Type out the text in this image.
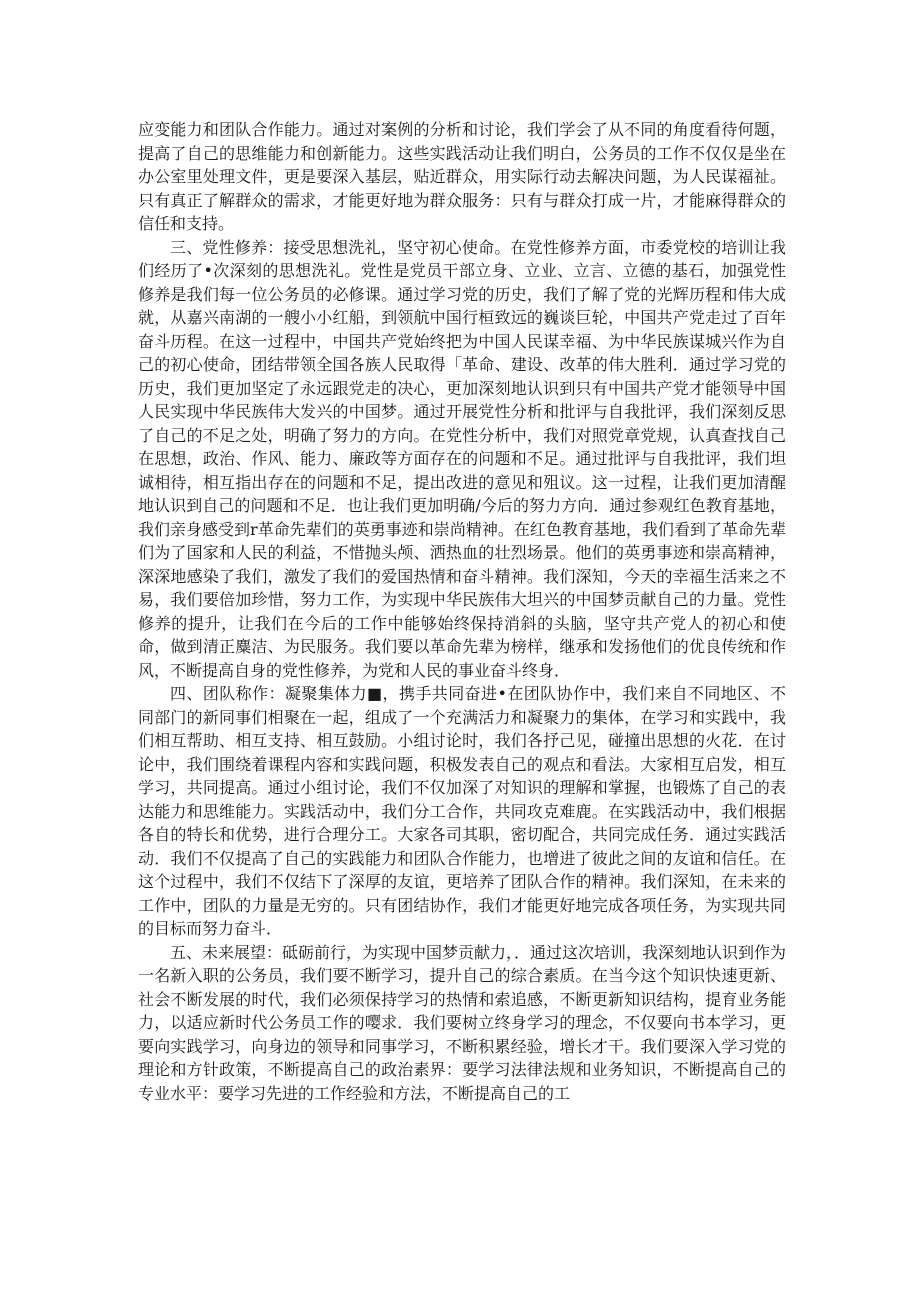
应变能力和团队合作能力。通过对案例的分析和讨论，我们学会了从不同的角度看待何题，提高了自己的思维能力和创新能力。这些实践活动让我们明白，公务员的工作不仅仅是坐在办公室里处理文件，更是要深入基层，贴近群众，用实际行动去解决问题，为人民谋福祉。只有真正了解群众的需求，才能更好地为群众服务：只有与群众打成一片，才能麻得群众的信任和支持。

三、党性修养：接受思想洗礼，坚守初心使命。在党性修养方面，市委党校的培训让我们经历了•次深刻的思想洗礼。党性是党员干部立身、立业、立言、立德的基石，加强党性修养是我们每一位公务员的必修课。通过学习党的历史，我们了解了党的光辉历程和伟大成就，从嘉兴南湖的一艘小小红船，到领航中国行桓致远的巍谈巨轮，中国共产党走过了百年奋斗历程。在这一过程中，中国共产党始终把为中国人民谋幸福、为中华民族谋城兴作为自己的初心使命，团结带领全国各族人民取得「革命、建设、改革的伟大胜利．通过学习党的历史，我们更加坚定了永远跟党走的决心，更加深刻地认识到只有中国共产党才能领导中国人民实现中华民族伟大发兴的中国梦。通过开展党性分析和批评与自我批评，我们深刻反思了自己的不足之处，明确了努力的方向。在党性分析中，我们对照党章党规，认真查找自己在思想，政治、作风、能力、廉政等方面存在的问题和不足。通过批评与自我批评，我们坦诚相待，相互指出存在的问题和不足，提出改进的意见和殂议。这一过程，让我们更加清醒地认识到自己的问题和不足．也让我们更加明确/今后的努力方向．通过参观红色教育基地，我们亲身感受到r革命先辈们的英勇事迹和崇尚精神。在红色教育基地，我们看到了革命先辈们为了国家和人民的利益，不惜抛头颅、洒热血的壮烈场景。他们的英勇事迹和崇高精神，深深地感染了我们，激发了我们的爱国热情和奋斗精神。我们深知，今天的幸福生活来之不易，我们要倍加珍惜，努力工作，为实现中华民族伟大坦兴的中国梦贡献自己的力量。党性修养的提升，让我们在今后的工作中能够始终保持消斜的头脑，坚守共产党人的初心和使命，做到清正麋洁、为民服务。我们要以革命先辈为榜样，继承和发扬他们的优良传统和作风，不断提高自身的党性修养，为党和人民的事业奋斗终身．

四、团队称作：凝聚集体力■，携手共同奋进•在团队协作中，我们来自不同地区、不同部门的新同事们相聚在一起，组成了一个充满活力和凝聚力的集体，在学习和实践中，我们相互帮助、相互支持、相互鼓励。小组讨论时，我们各抒己见，碰撞出思想的火花．在讨论中，我们围绕着课程内容和实践问题，积极发表自己的观点和看法。大家相互启发，相互学习，共同提高。通过小组讨论，我们不仅加深了对知识的理解和掌握，也锻炼了自己的表达能力和思维能力。实践活动中，我们分工合作，共同攻克难鹿。在实践活动中，我们根据各自的特长和优势，进行合理分工。大家各司其职，密切配合，共同完成任务．通过实践活动．我们不仅提高了自己的实践能力和团队合作能力，也增进了彼此之间的友谊和信任。在这个过程中，我们不仅结下了深厚的友谊，更培养了团队合作的精神。我们深知，在未来的工作中，团队的力量是无穷的。只有团结协作，我们才能更好地完成各项任务，为实现共同的目标而努力奋斗．

五、未来展望：砥砺前行，为实现中国梦贡献力，．通过这次培训，我深刻地认识到作为一名新入职的公务员，我们要不断学习，提升自己的综合素质。在当今这个知识快速更新、社会不断发展的时代，我们必须保持学习的热情和索追感，不断更新知识结构，提育业务能力，以适应新时代公务员工作的嘤求．我们要树立终身学习的理念，不仅要向书本学习，更要向实践学习，向身边的领导和同事学习，不断积累经验，增长才干。我们要深入学习党的理论和方针政策，不断提高自己的政治素界：要学习法律法规和业务知识，不断提高自己的专业水平：要学习先进的工作经验和方法，不断提高自己的工
